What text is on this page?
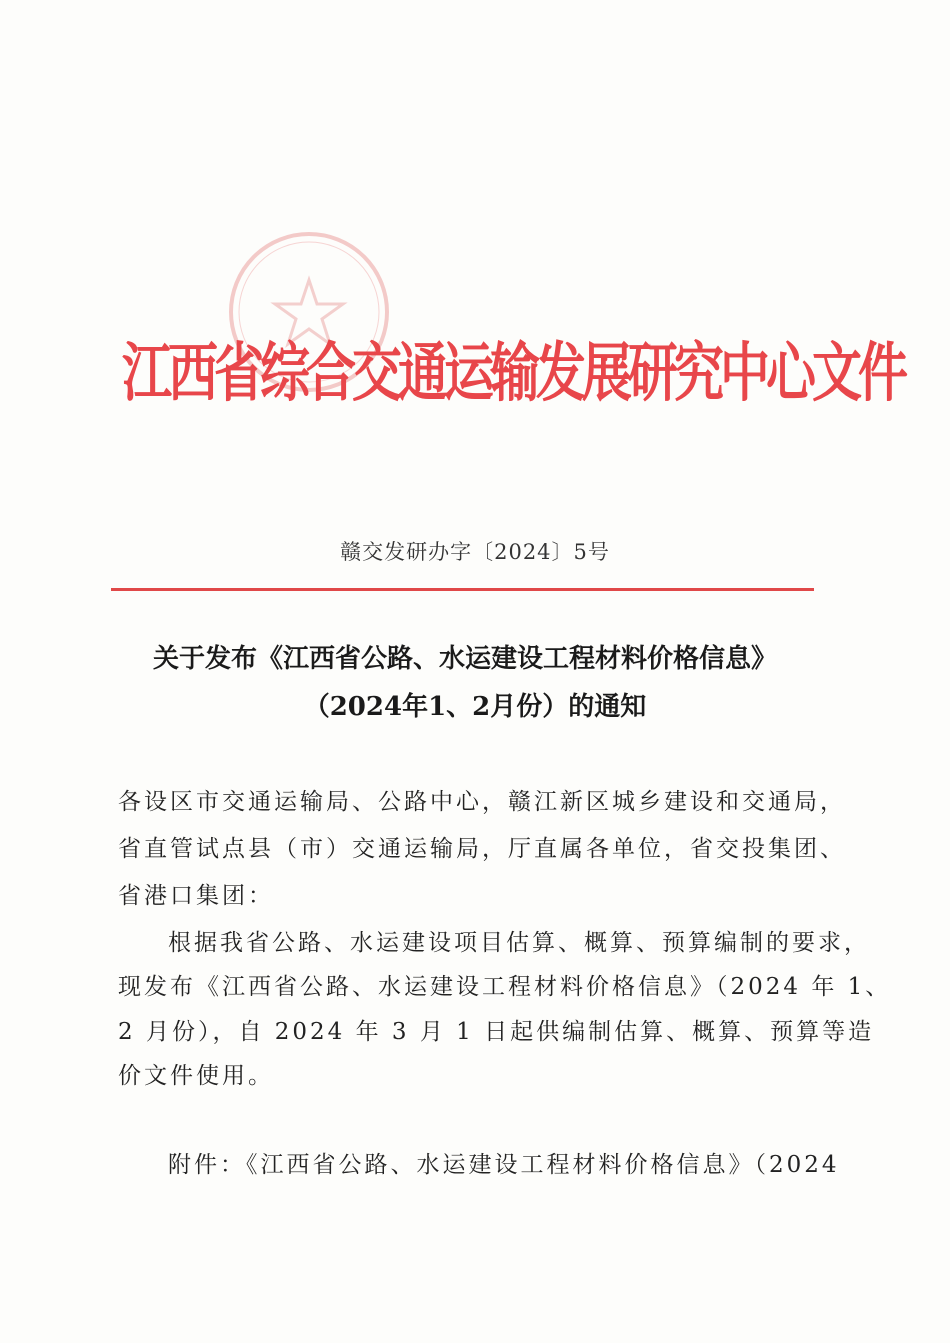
江西省综合交通运输发展研究中心文件
赣交发研办字〔2024〕5号
关于发布《江西省公路、水运建设工程材料价格信息》
（2024年1、2月份）的通知
各设区市交通运输局、公路中心，赣江新区城乡建设和交通局，
省直管试点县（市）交通运输局，厅直属各单位，省交投集团、
省港口集团：
根据我省公路、水运建设项目估算、概算、预算编制的要求，
现发布《江西省公路、水运建设工程材料价格信息》（2024 年 1、
2 月份），自 2024 年 3 月 1 日起供编制估算、概算、预算等造
价文件使用。
附件：《江西省公路、水运建设工程材料价格信息》（2024
